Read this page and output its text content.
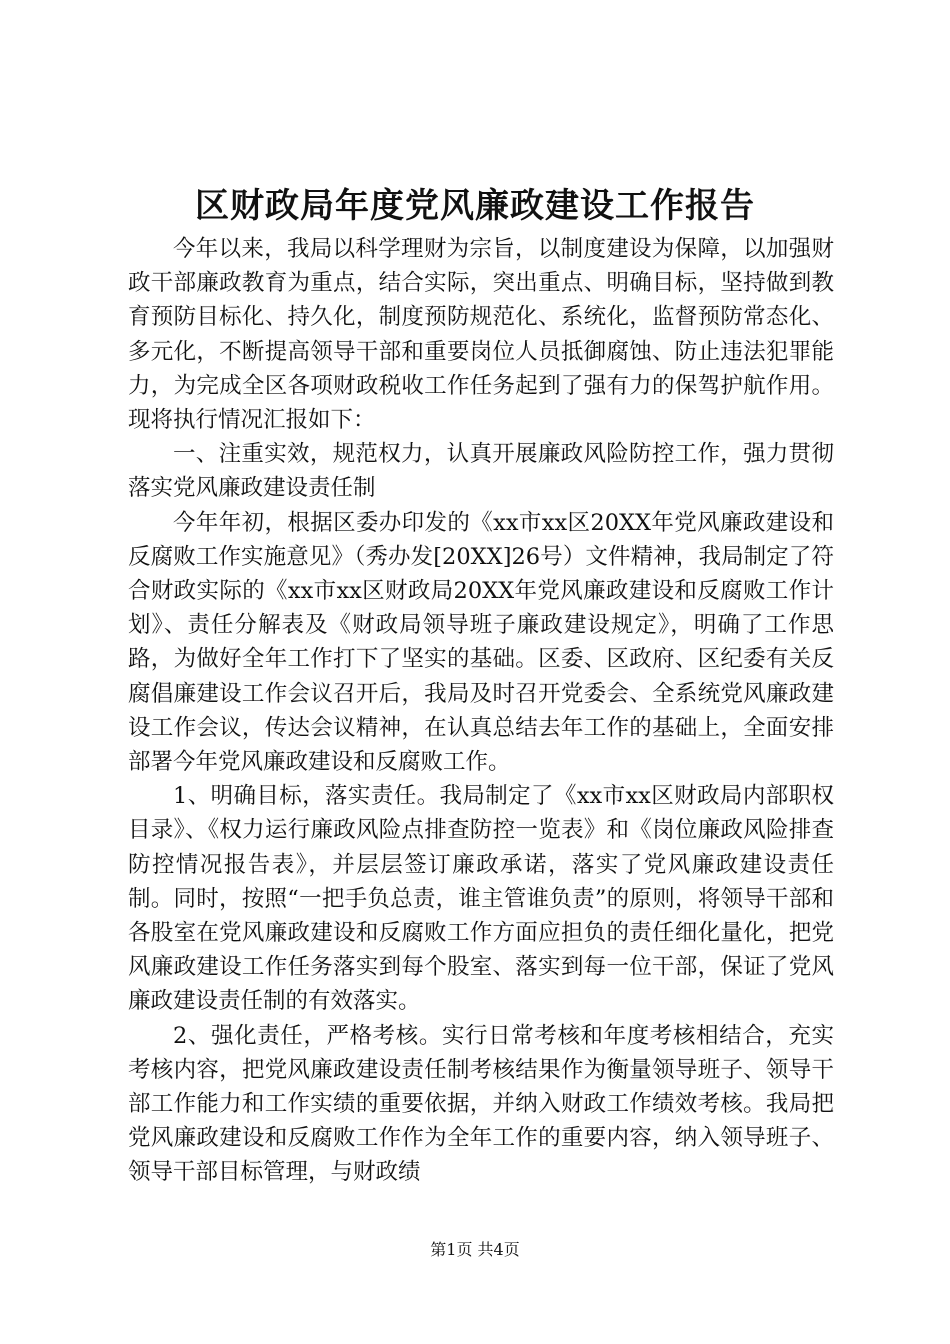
区财政局年度党风廉政建设工作报告

今年以来，我局以科学理财为宗旨，以制度建设为保障，以加强财政干部廉政教育为重点，结合实际，突出重点、明确目标，坚持做到教育预防目标化、持久化，制度预防规范化、系统化，监督预防常态化、多元化，不断提高领导干部和重要岗位人员抵御腐蚀、防止违法犯罪能力，为完成全区各项财政税收工作任务起到了强有力的保驾护航作用。现将执行情况汇报如下：

一、注重实效，规范权力，认真开展廉政风险防控工作，强力贯彻落实党风廉政建设责任制

今年年初，根据区委办印发的《xx市xx区20XX年党风廉政建设和反腐败工作实施意见》（秀办发[20XX]26号）文件精神，我局制定了符合财政实际的《xx市xx区财政局20XX年党风廉政建设和反腐败工作计划》、责任分解表及《财政局领导班子廉政建设规定》，明确了工作思路，为做好全年工作打下了坚实的基础。区委、区政府、区纪委有关反腐倡廉建设工作会议召开后，我局及时召开党委会、全系统党风廉政建设工作会议，传达会议精神，在认真总结去年工作的基础上，全面安排部署今年党风廉政建设和反腐败工作。

1、明确目标，落实责任。我局制定了《xx市xx区财政局内部职权目录》、《权力运行廉政风险点排查防控一览表》和《岗位廉政风险排查防控情况报告表》，并层层签订廉政承诺，落实了党风廉政建设责任制。同时，按照“一把手负总责，谁主管谁负责”的原则，将领导干部和各股室在党风廉政建设和反腐败工作方面应担负的责任细化量化，把党风廉政建设工作任务落实到每个股室、落实到每一位干部，保证了党风廉政建设责任制的有效落实。

2、强化责任，严格考核。实行日常考核和年度考核相结合，充实考核内容，把党风廉政建设责任制考核结果作为衡量领导班子、领导干部工作能力和工作实绩的重要依据，并纳入财政工作绩效考核。我局把党风廉政建设和反腐败工作作为全年工作的重要内容，纳入领导班子、领导干部目标管理，与财政绩

第1页 共4页
